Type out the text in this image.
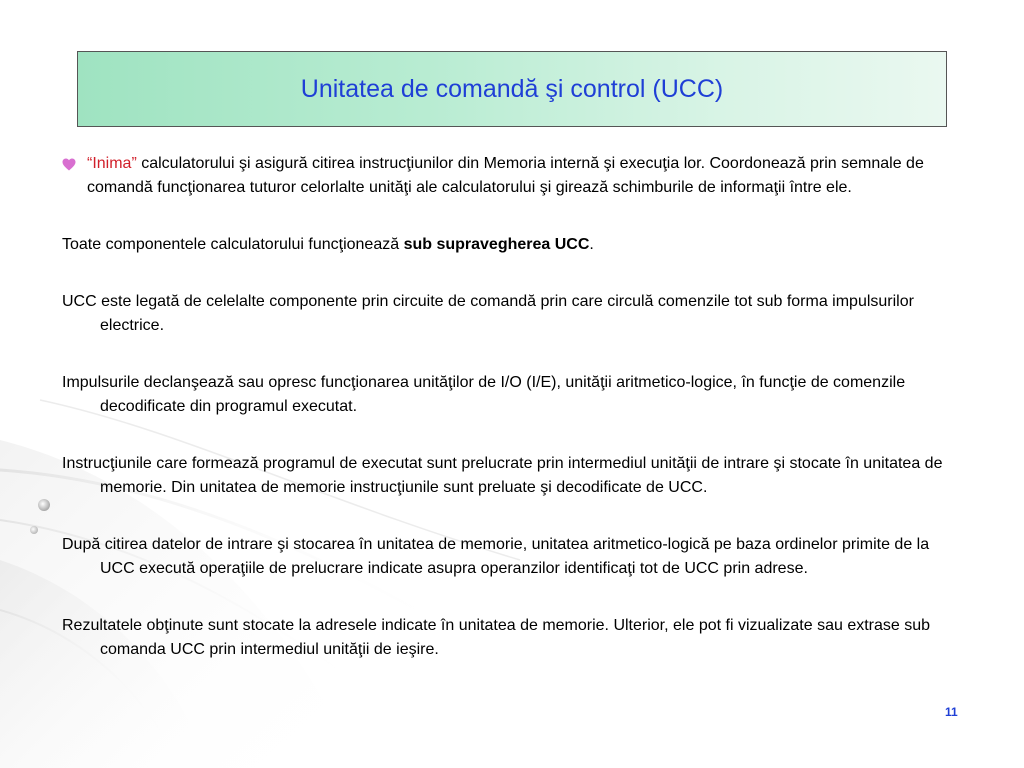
Unitatea de comandă şi control (UCC)

“Inima” calculatorului şi asigură citirea instrucţiunilor din Memoria internă şi execuţia lor. Coordonează prin semnale de comandă funcţionarea tuturor celorlalte unităţi ale calculatorului şi girează schimburile de informaţii între ele.

Toate componentele calculatorului funcţionează sub supravegherea UCC.

UCC este legată de celelalte componente prin circuite de comandă prin care circulă comenzile tot sub forma impulsurilor electrice.

Impulsurile declanşează sau opresc funcţionarea unităţilor de I/O (I/E), unităţii aritmetico-logice, în funcţie de comenzile decodificate din programul executat.

Instrucţiunile care formează programul de executat sunt prelucrate prin intermediul unităţii de intrare şi stocate în unitatea de memorie. Din unitatea de memorie instrucţiunile sunt preluate şi decodificate de UCC.

După citirea datelor de intrare şi stocarea în unitatea de memorie, unitatea aritmetico-logică pe baza ordinelor primite de la UCC execută operaţiile de prelucrare indicate asupra operanzilor identificaţi tot de UCC prin adrese.

Rezultatele obţinute sunt stocate la adresele indicate în unitatea de memorie. Ulterior, ele pot fi vizualizate sau extrase sub comanda UCC prin intermediul unităţii de ieşire.

11
